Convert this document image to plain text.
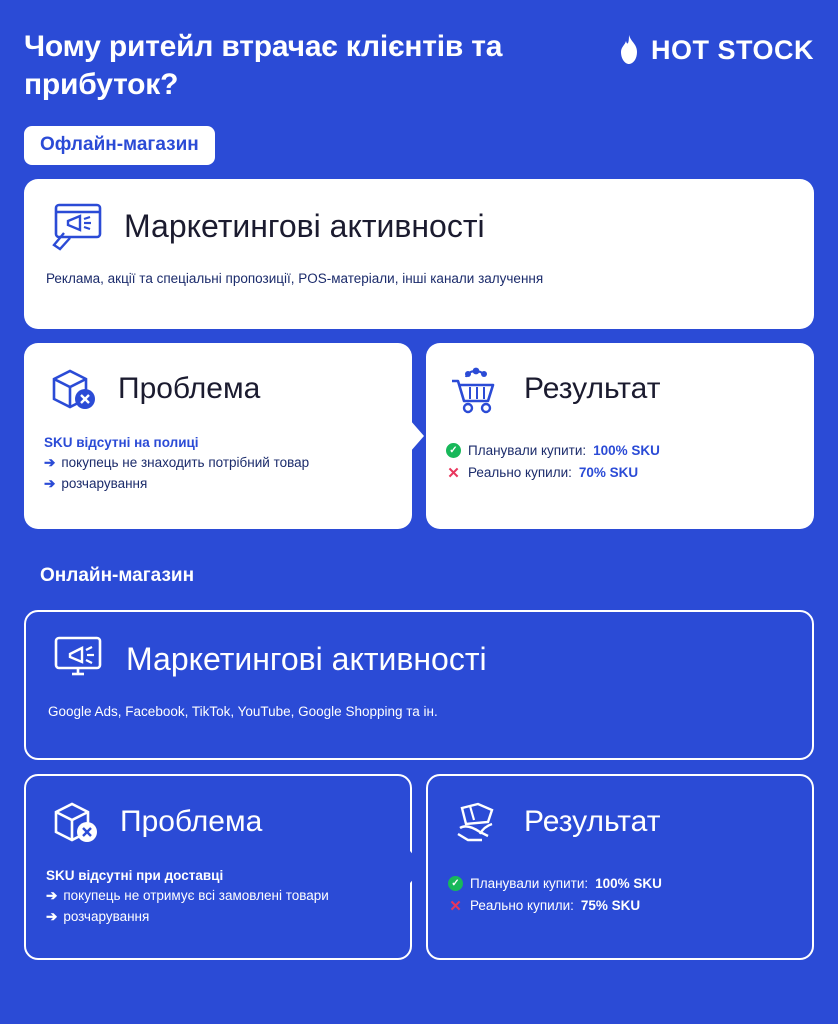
Чому ритейл втрачає клієнтів та прибуток?
HOT STOCK
Офлайн-магазин
Маркетингові активності
Реклама, акції та спеціальні пропозиції, POS-матеріали, інші канали залучення
Проблема
SKU відсутні на полиці
➔ покупець не знаходить потрібний товар
➔ розчарування
Результат
✓ Планували купити: 100% SKU
✕ Реально купили: 70% SKU
Онлайн-магазин
Маркетингові активності
Google Ads, Facebook, TikTok, YouTube, Google Shopping та ін.
Проблема
SKU відсутні при доставці
➔ покупець не отримує всі замовлені товари
➔ розчарування
Результат
✓ Планували купити: 100% SKU
✕ Реально купили: 75% SKU
